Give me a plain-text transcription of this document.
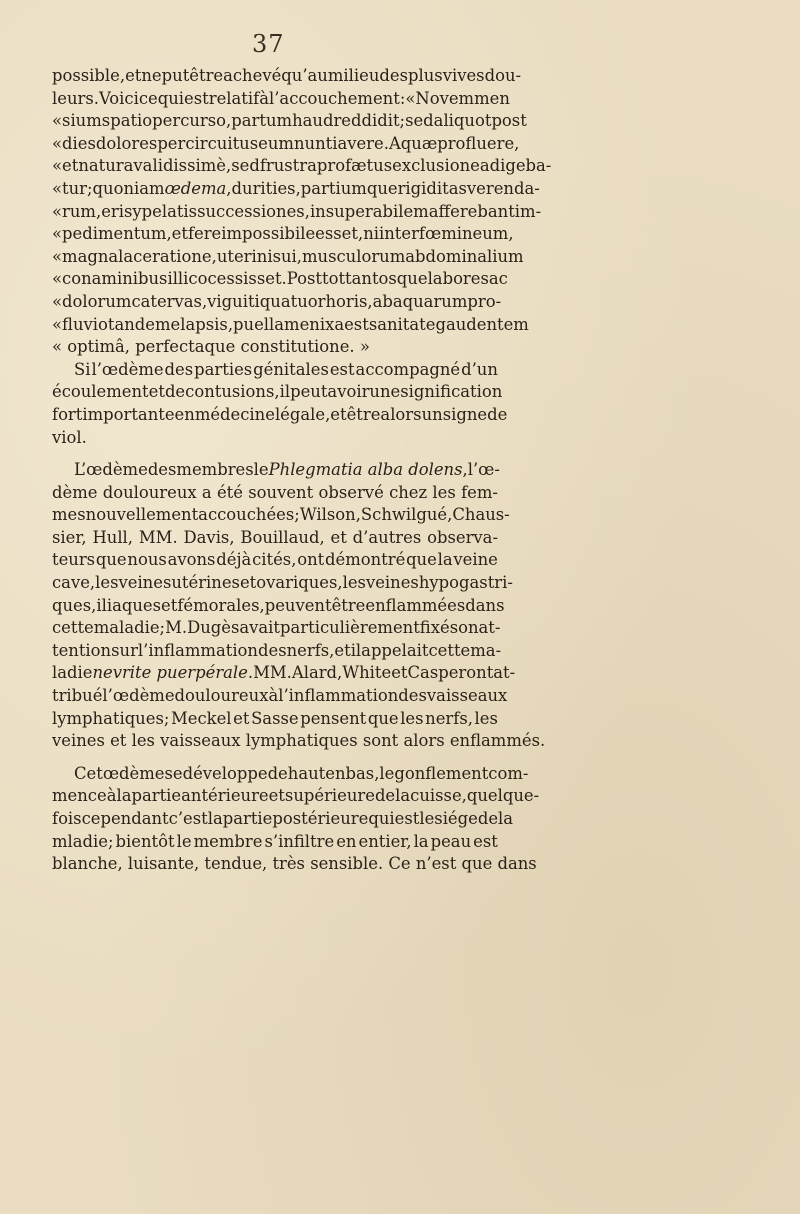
37
possible, et ne put être achevé qu’au milieu des plus vives dou-
leurs. Voici ce qui est relatif à l’accouchement : « Novem men
« sium spatio percurso, partum haud reddidit; sed aliquot post
« dies dolores per circuitus eum nuntiavere. Aquæ profluere,
« et natura validissimè, sed frustra profætus exclusione adigeba-
« tur; quoniam œdema, durities, partiumque rigiditas verenda-
« rum, erisypelatis successiones, insuperabilem afferebant im-
« pedimentum, et fere impossibile esset, ni interfœmineum,
« magna laceratione, uteri nisui, musculorum abdominalium
« conaminibus illico cessisset. Post tot tantosque labores ac
« dolorum catervas, viguiti quatuor horis, ab aquarum pro-
« fluvio tandem elapsis, puellam enixa est sanitate gaudentem
« optimâ, perfectaque constitutione. »
Si l’œdème des parties génitales est accompagné d’un
écoulement et de contusions, il peut avoir une signification
fort importante en médecine légale, et être alors un signe de
viol.
L’œdème des membres le Phlegmatia alba dolens, l’œ-
dème douloureux a été souvent observé chez les fem-
mes nouvellement accouchées; Wilson, Schwilgué, Chaus-
sier, Hull, MM. Davis, Bouillaud, et d’autres observa-
teurs que nous avons déjà cités, ont démontré que la veine
cave, les veines utérines et ovariques, les veines hypogastri-
ques, iliaques et fémorales, peuvent être enflammées dans
cette maladie; M. Dugès avait particulièrement fixé son at-
tention sur l’inflammation des nerfs, et il appelait cette ma-
ladie nevrite puerpérale. MM. Alard, White et Casper ont at-
tribué l’œdème douloureux à l’inflammation des vaisseaux
lymphatiques; Meckel et Sasse pensent que les nerfs, les
veines et les vaisseaux lymphatiques sont alors enflammés.
Cet œdème se développe de haut en bas, le gonflement com-
mence à la partie antérieure et supérieure de la cuisse, quelque-
fois cependant c’est la partie postérieure qui est le siége de la
mladie; bientôt le membre s’infiltre en entier, la peau est
blanche, luisante, tendue, très sensible. Ce n’est que dans
